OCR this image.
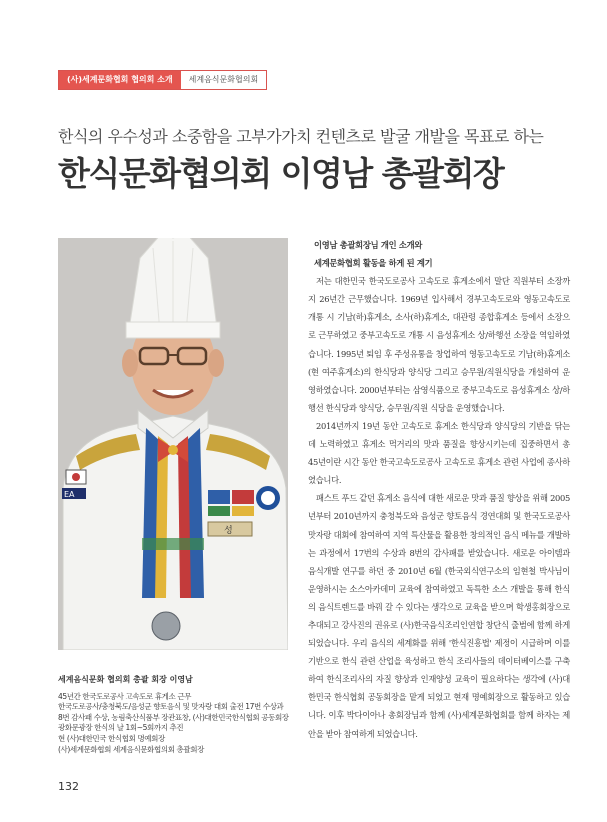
(사)세계문화협회 협의회 소개	세계음식문화협의회
한식의 우수성과 소중함을 고부가가치 컨텐츠로 발굴 개발을 목표로 하는
한식문화협의회 이영남 총괄회장
EA
성
세계음식문화 협의회 총괄 회장 이영남
45년간 한국도로공사 고속도로 휴게소 근무
한국도로공사/충청북도/음성군 향토음식 및 맛자랑 대회 출전 17번 수상과
8번 감사패 수상, 농림축산식품부 장관표창, (사)대한민국한식협회 공동회장
광화문광장 한식의 날 1회~5회까지 추진
현 (사)대한민국 한식협회 명예회장
(사)세계문화협회 세계음식문화협의회 총괄회장
이영남 총괄회장님 개인 소개와
세계문화협회 활동을 하게 된 계기

저는 대한민국 한국도로공사 고속도로 휴게소에서 말단 직원부터 소장까지 26년간 근무했습니다. 1969년 입사해서 경부고속도로와 영동고속도로 개통 시 기남(하)휴게소, 소사(하)휴게소, 대관령 종합휴게소 등에서 소장으로 근무하였고 중부고속도로 개통 시 음성휴게소 상/하행선 소장을 역임하였습니다. 1995년 퇴임 후 주성유통을 창업하여 영동고속도로 기남(하)휴게소(현 여주휴게소)의 한식당과 양식당 그리고 승무원/직원식당을 개설하여 운영하였습니다. 2000년부터는 삼영식품으로 중부고속도로 음성휴게소 상/하행선 한식당과 양식당, 승무원/직원 식당을 운영했습니다.

2014년까지 19년 동안 고속도로 휴게소 한식당과 양식당의 기반을 닦는데 노력하였고 휴게소 먹거리의 맛과 품질을 향상시키는데 집중하면서 총 45년이란 시간 동안 한국고속도로공사 고속도로 휴게소 관련 사업에 종사하였습니다.

패스트 푸드 같던 휴게소 음식에 대한 새로운 맛과 품질 향상을 위해 2005년부터 2010년까지 충청북도와 음성군 향토음식 경연대회 및 한국도로공사 맛자랑 대회에 참여하여 지역 특산물을 활용한 창의적인 음식 메뉴를 개발하는 과정에서 17번의 수상과 8번의 감사패를 받았습니다. 새로운 아이템과 음식개발 연구를 하던 중 2010년 6월 (한국외식연구소의 임현철 박사님이 운영하시는 소스아카데미 교육에 참여하였고 독특한 소스 개발을 통해 한식의 음식트렌드를 바꿔 갈 수 있다는 생각으로 교육을 받으며 학생홍회장으로 추대되고 강사진의 권유로 (사)한국음식조리인연합 창단식 출범에 함께 하게 되었습니다. 우리 음식의 세계화를 위해 '한식진흥법' 제정이 시급하며 이를 기반으로 한식 관련 산업을 육성하고 한식 조리사들의 데이터베이스를 구축하여 한식조리사의 자질 향상과 인재양성 교육이 필요하다는 생각에 (사)대한민국 한식협회 공동회장을 맡게 되었고 현재 명예회장으로 활동하고 있습니다. 이후 박다이아나 총회장님과 함께 (사)세계문화협회를 함께 하자는 제안을 받아 참여하게 되었습니다.

132
